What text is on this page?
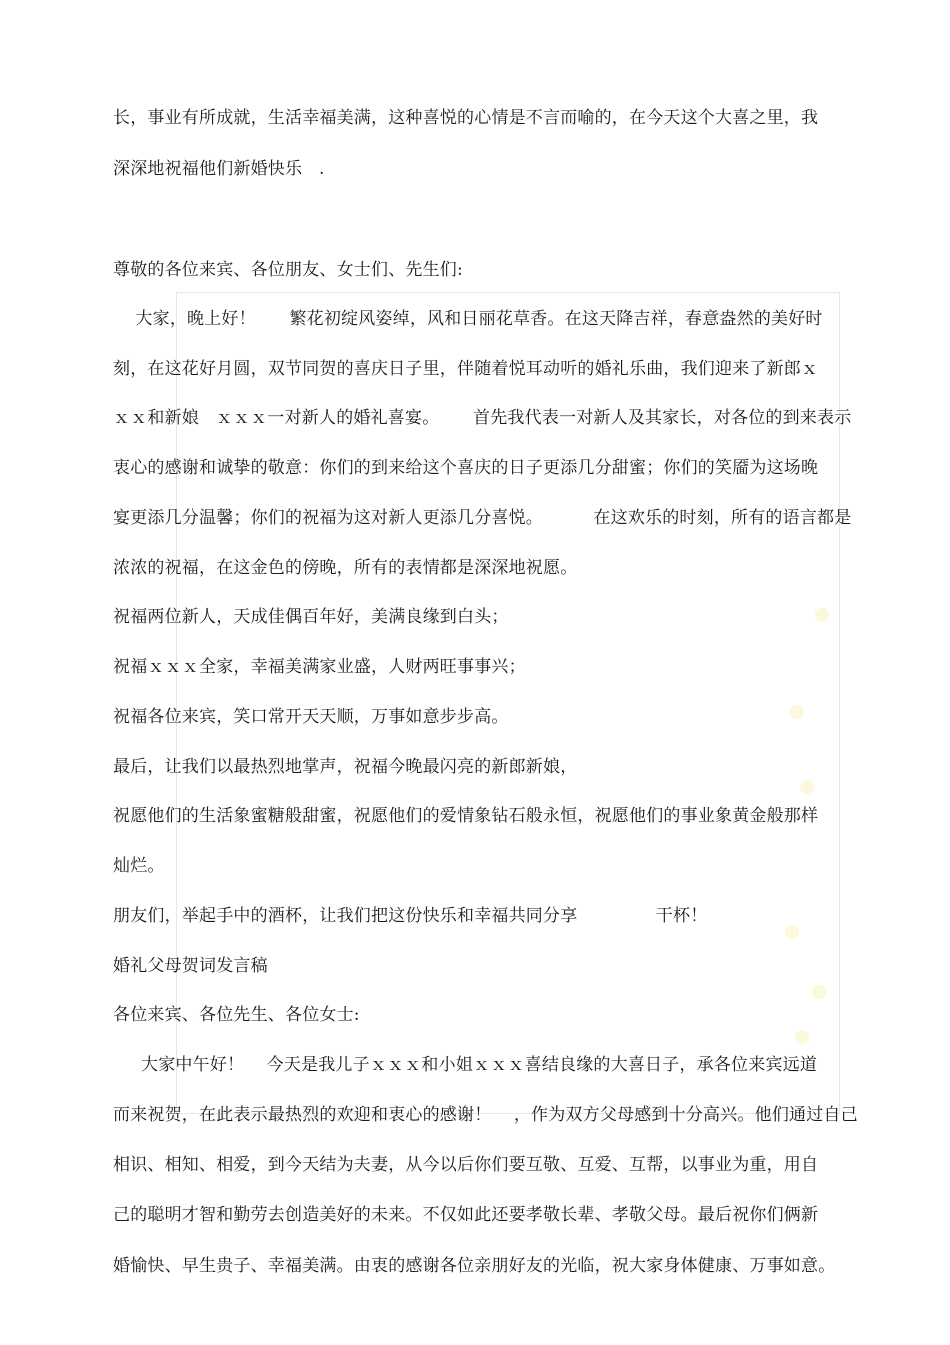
长，事业有所成就，生活幸福美满，这种喜悦的心情是不言而喻的，在今天这个大喜之里，我
深深地祝福他们新婚快乐   .
尊敬的各位来宾、各位朋友、女士们、先生们:
大家，晚上好！      繁花初绽风姿绰，风和日丽花草香。在这天降吉祥，春意盎然的美好时
刻，在这花好月圆，双节同贺的喜庆日子里，伴随着悦耳动听的婚礼乐曲，我们迎来了新郎ｘ
ｘｘ和新娘   ｘｘｘ一对新人的婚礼喜宴。      首先我代表一对新人及其家长，对各位的到来表示
衷心的感谢和诚挚的敬意：你们的到来给这个喜庆的日子更添几分甜蜜；你们的笑靥为这场晚
宴更添几分温馨；你们的祝福为这对新人更添几分喜悦。         在这欢乐的时刻，所有的语言都是
浓浓的祝福，在这金色的傍晚，所有的表情都是深深地祝愿。
祝福两位新人，天成佳偶百年好，美满良缘到白头；
祝福ｘｘｘ全家，幸福美满家业盛，人财两旺事事兴；
祝福各位来宾，笑口常开天天顺，万事如意步步高。
最后，让我们以最热烈地掌声，祝福今晚最闪亮的新郎新娘，
祝愿他们的生活象蜜糖般甜蜜，祝愿他们的爱情象钻石般永恒，祝愿他们的事业象黄金般那样
灿烂。
朋友们，举起手中的酒杯，让我们把这份快乐和幸福共同分享              干杯！
婚礼父母贺词发言稿
各位来宾、各位先生、各位女士:
大家中午好！    今天是我儿子ｘｘｘ和小姐ｘｘｘ喜结良缘的大喜日子，承各位来宾远道
而来祝贺，在此表示最热烈的欢迎和衷心的感谢！    ，作为双方父母感到十分高兴。他们通过自己
相识、相知、相爱，到今天结为夫妻，从今以后你们要互敬、互爱、互帮，以事业为重，用自
己的聪明才智和勤劳去创造美好的未来。不仅如此还要孝敬长辈、孝敬父母。最后祝你们俩新
婚愉快、早生贵子、幸福美满。由衷的感谢各位亲朋好友的光临，祝大家身体健康、万事如意。
